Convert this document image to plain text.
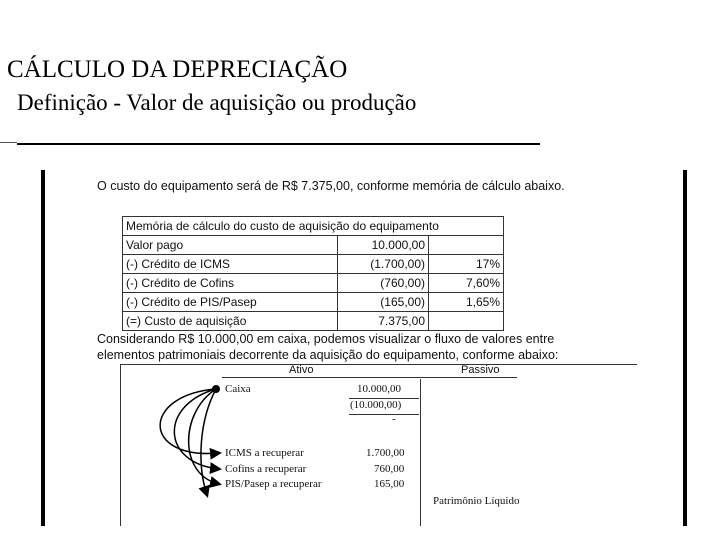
CÁLCULO DA DEPRECIAÇÃO
Definição - Valor de aquisição ou produção
O custo do equipamento será de R$ 7.375,00, conforme memória de cálculo abaixo.
Memória de cálculo do custo de aquisição do equipamento		
Valor pago	10.000,00	
(-) Crédito de ICMS	(1.700,00)	17%
(-) Crédito de Cofins	(760,00)	7,60%
(-) Crédito de PIS/Pasep	(165,00)	1,65%
(=) Custo de aquisição	7.375,00	
Considerando R$ 10.000,00 em caixa, podemos visualizar o fluxo de valores entre
elementos patrimoniais decorrente da aquisição do equipamento, conforme abaixo:
Ativo	Passivo
Caixa	10.000,00
(10.000,00)
-
ICMS a recuperar	1.700,00
Cofins a recuperar	760,00
PIS/Pasep a recuperar	165,00
Patrimônio Líquido
